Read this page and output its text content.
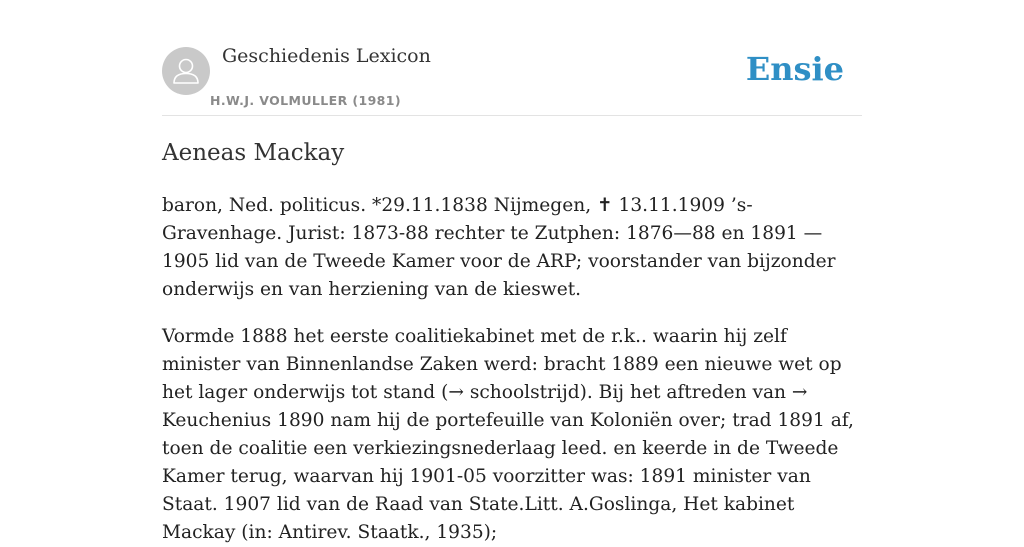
Geschiedenis Lexicon
H.W.J. VOLMULLER (1981)
Ensie
Aeneas Mackay

baron, Ned. politicus. *29.11.1838 Nijmegen, ✝ 13.11.1909 ’s-Gravenhage. Jurist: 1873-88 rechter te Zutphen: 1876—88 en 1891 — 1905 lid van de Tweede Kamer voor de ARP; voorstander van bijzonder onderwijs en van herziening van de kieswet.

Vormde 1888 het eerste coalitiekabinet met de r.k.. waarin hij zelf minister van Binnenlandse Zaken werd: bracht 1889 een nieuwe wet op het lager onderwijs tot stand (→ schoolstrijd). Bij het aftreden van → Keuchenius 1890 nam hij de portefeuille van Koloniën over; trad 1891 af, toen de coalitie een verkiezingsnederlaag leed. en keerde in de Tweede Kamer terug, waarvan hij 1901-05 voorzitter was: 1891 minister van Staat. 1907 lid van de Raad van State.Litt. A.Goslinga, Het kabinet Mackay (in: Antirev. Staatk., 1935);
